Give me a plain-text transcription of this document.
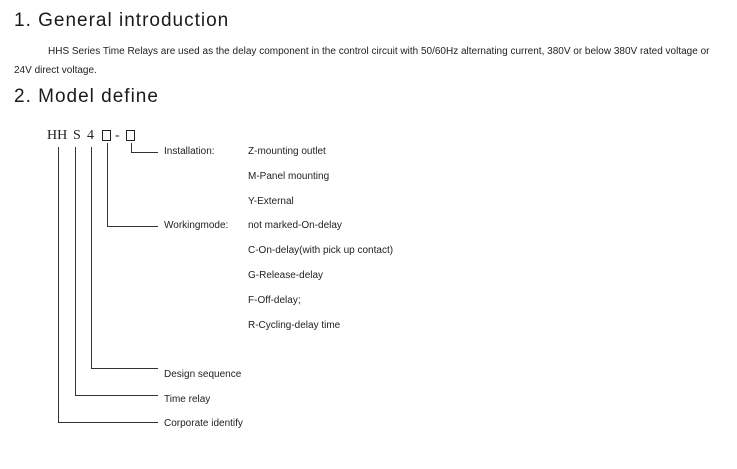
1. General introduction
HHS Series Time Relays are used as the delay component in the control circuit with 50/60Hz alternating current, 380V or below 380V rated voltage or 24V direct voltage.
2. Model define
HH S 4 -
Installation:	Z-mounting outlet
M-Panel mounting
Y-External
Workingmode: not marked-On-delay
C-On-delay(with pick up contact)
G-Release-delay
F-Off-delay;
R-Cycling-delay time
Design sequence
Time relay
Corporate identify
